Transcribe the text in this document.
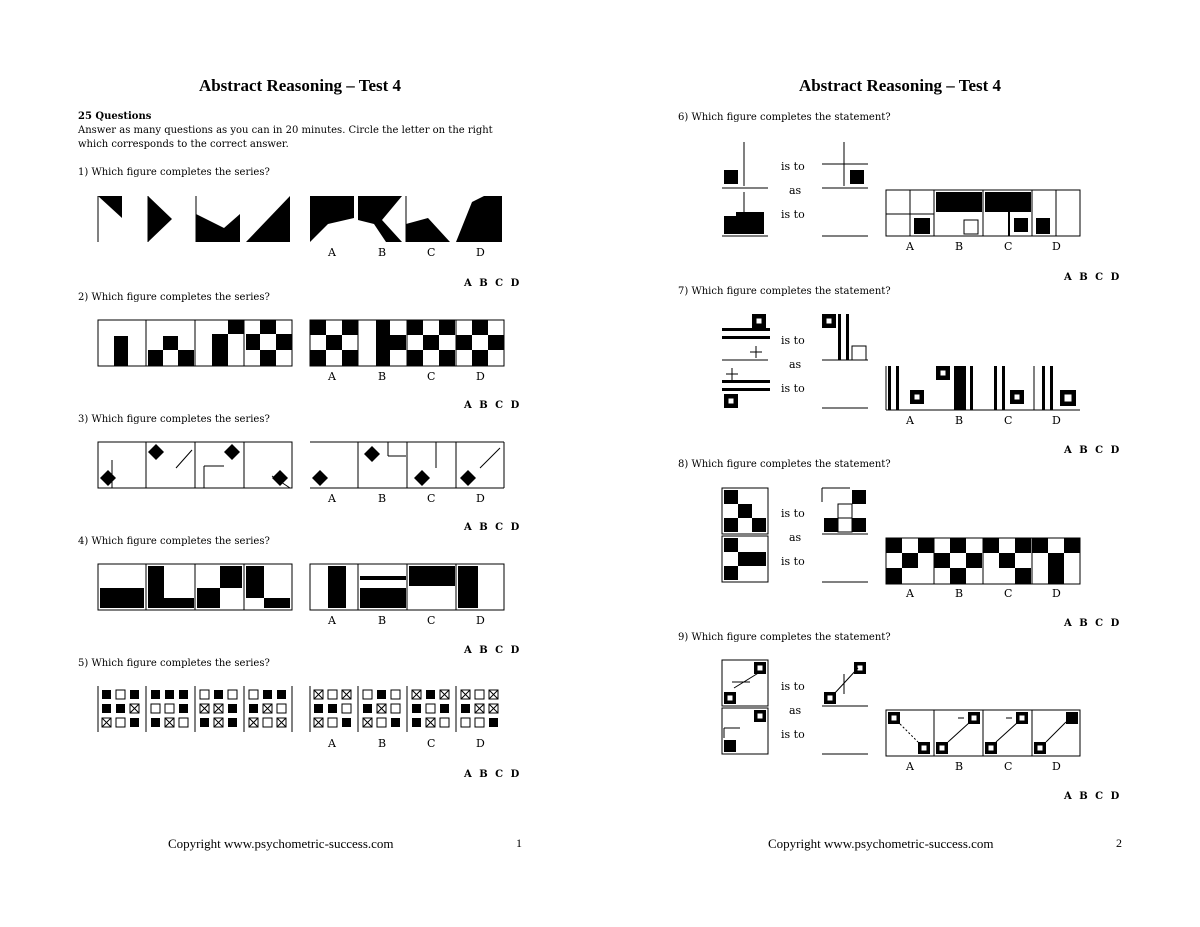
Abstract Reasoning – Test 4
25 Questions
Answer as many questions as you can in 20 minutes. Circle the letter on the right which corresponds to the correct answer.
1) Which figure completes the series?
A	B	C	D
A B C D
2) Which figure completes the series?
A	B	C	D
A B C D
3) Which figure completes the series?
A	B	C	D
A B C D
4) Which figure completes the series?
A	B	C	D
A B C D
5) Which figure completes the series?
A	B	C	D
A B C D
Copyright www.psychometric-success.com	1
Abstract Reasoning – Test 4
6) Which figure completes the statement?
is to
as
is to
A	B	C	D
A B C D
7) Which figure completes the statement?
is to
as
is to
A	B	C	D
A B C D
8) Which figure completes the statement?
is to
as
is to
A	B	C	D
A B C D
9) Which figure completes the statement?
is to
as
is to
A	B	C	D
A B C D
Copyright www.psychometric-success.com	2
